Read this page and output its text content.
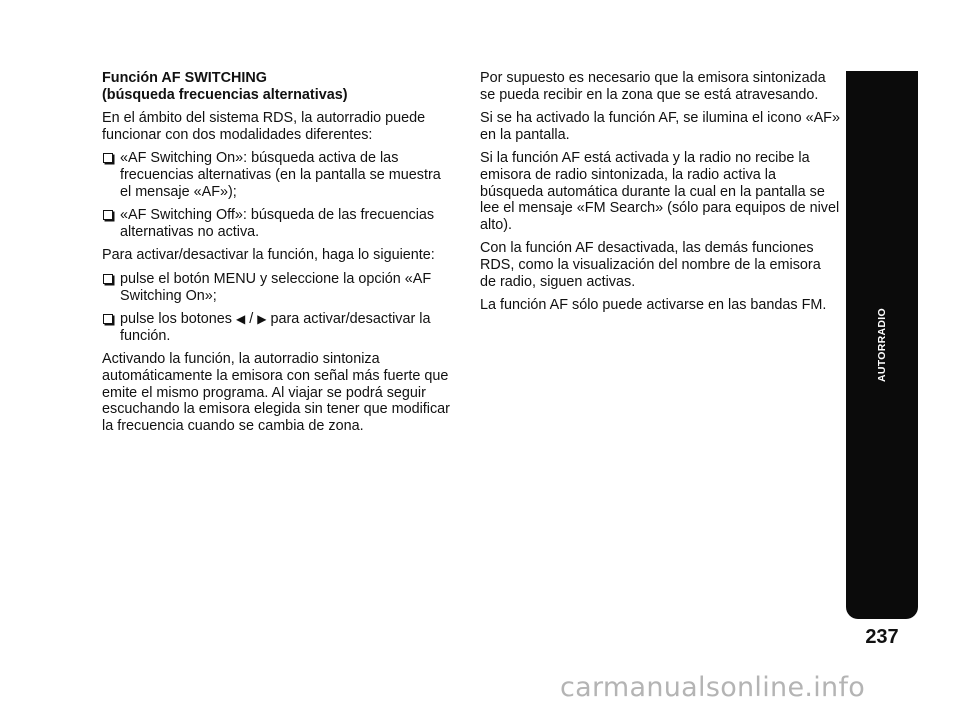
Función AF SWITCHING
(búsqueda frecuencias alternativas)

En el ámbito del sistema RDS, la autorradio puede funcionar con dos modalidades diferentes:

«AF Switching On»: búsqueda activa de las frecuencias alternativas (en la pantalla se muestra el mensaje «AF»);
«AF Switching Off»: búsqueda de las frecuencias alternativas no activa.

Para activar/desactivar la función, haga lo siguiente:

pulse el botón MENU y seleccione la opción «AF Switching On»;
pulse los botones ◀ / ▶ para activar/desactivar la función.

Activando la función, la autorradio sintoniza automáticamente la emisora con señal más fuerte que emite el mismo programa. Al viajar se podrá seguir escuchando la emisora elegida sin tener que modificar la frecuencia cuando se cambia de zona.

Por supuesto es necesario que la emisora sintonizada se pueda recibir en la zona que se está atravesando.

Si se ha activado la función AF, se ilumina el icono «AF» en la pantalla.

Si la función AF está activada y la radio no recibe la emisora de radio sintonizada, la radio activa la búsqueda automática durante la cual en la pantalla se lee el mensaje «FM Search» (sólo para equipos de nivel alto).

Con la función AF desactivada, las demás funciones RDS, como la visualización del nombre de la emisora de radio, siguen activas.

La función AF sólo puede activarse en las bandas FM.

AUTORRADIO
237
carmanualsonline.info
